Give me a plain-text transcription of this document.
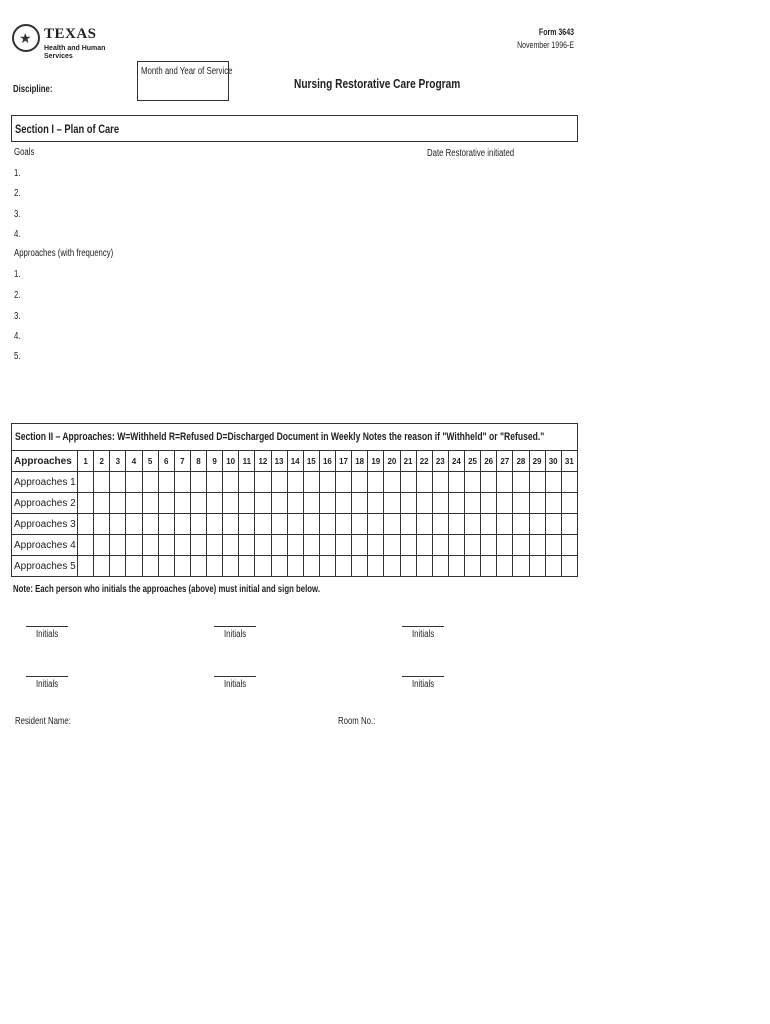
★ TEXAS
Health and Human Services
Form 3643
November 1996-E
Month and Year of Service
Discipline:	Nursing Restorative Care Program
Section I – Plan of Care
Goals	Date Restorative initiated
1.
2.
3.
4.
Approaches (with frequency)
1.
2.
3.
4.
5.
Section II – Approaches: W=Withheld R=Refused D=Discharged Document in Weekly Notes the reason if "Withheld" or "Refused."
Approaches	1	2	3	4	5	6	7	8	9	10	11	12	13	14	15	16	17	18	19	20	21	22	23	24	25	26	27	28	29	30	31
Approaches 1																															
Approaches 2																															
Approaches 3																															
Approaches 4																															
Approaches 5																															
Note: Each person who initials the approaches (above) must initial and sign below.
Initials	Initials	Initials
Initials	Initials	Initials
Resident Name:	Room No.:
